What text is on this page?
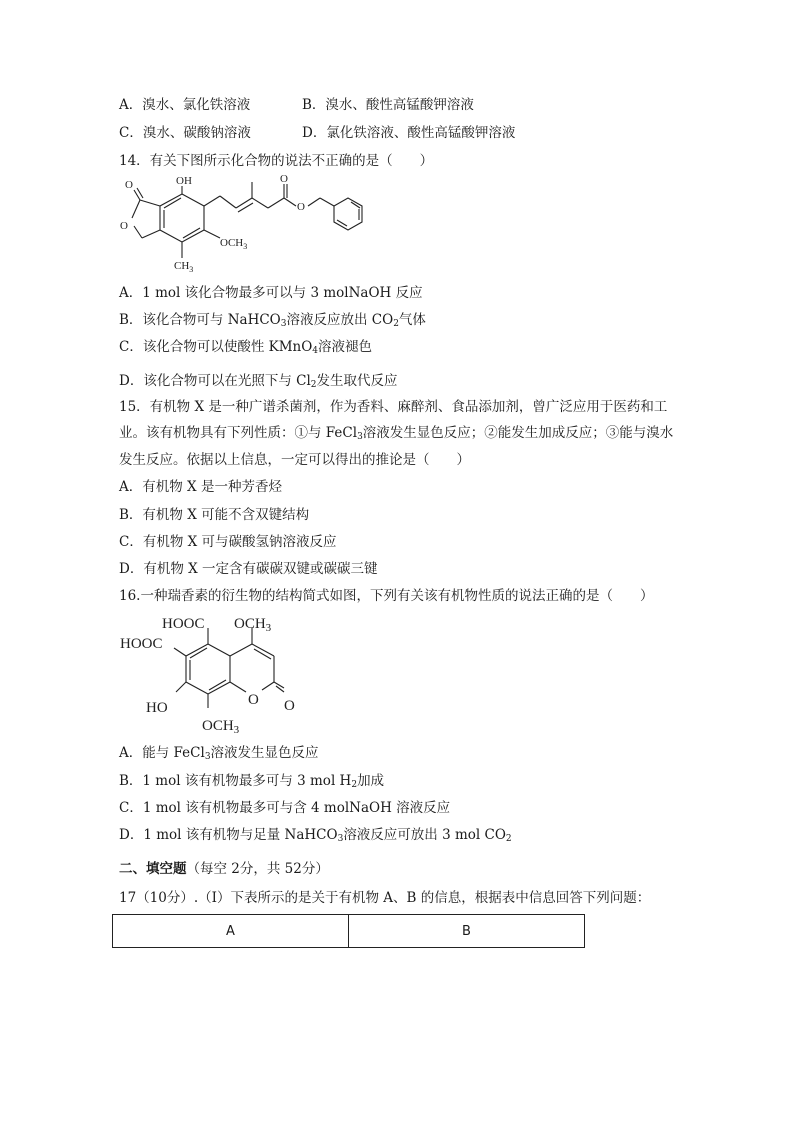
A．溴水、氯化铁溶液	B．溴水、酸性高锰酸钾溶液
C．溴水、碳酸钠溶液	D．氯化铁溶液、酸性高锰酸钾溶液
14．有关下图所示化合物的说法不正确的是（　　）
OH
O
O
$OCH_3$
$CH_3$
O
O
A．1 mol 该化合物最多可以与 3 molNaOH 反应
B．该化合物可与 NaHCO$_3$溶液反应放出 $CO_2$气体
C．该化合物可以使酸性 KMnO$_4$溶液褪色
D．该化合物可以在光照下与 $Cl_2$发生取代反应
15．有机物 X 是一种广谱杀菌剂，作为香料、麻醉剂、食品添加剂，曾广泛应用于医药和工
业。该有机物具有下列性质：①与 FeCl$_3$溶液发生显色反应；②能发生加成反应；③能与溴水
发生反应。依据以上信息，一定可以得出的推论是（　　）
A．有机物 X 是一种芳香烃
B．有机物 X 可能不含双键结构
C．有机物 X 可与碳酸氢钠溶液反应
D．有机物 X 一定含有碳碳双键或碳碳三键
16.一种瑞香素的衍生物的结构简式如图，下列有关该有机物性质的说法正确的是（　　）
HOOC
HOOC
$OCH_3$
HO	O O
$OCH_3$
A．能与 FeCl$_3$溶液发生显色反应
B．1 mol 该有机物最多可与 3 mol $H_2$加成
C．1 mol 该有机物最多可与含 4 molNaOH 溶液反应
D．1 mol 该有机物与足量 NaHCO$_3$溶液反应可放出 3 mol $CO_2$
二、填空题（每空 2分，共 52分）
17（10分）.（Ⅰ）下表所示的是关于有机物 A、B 的信息，根据表中信息回答下列问题：
A	B
